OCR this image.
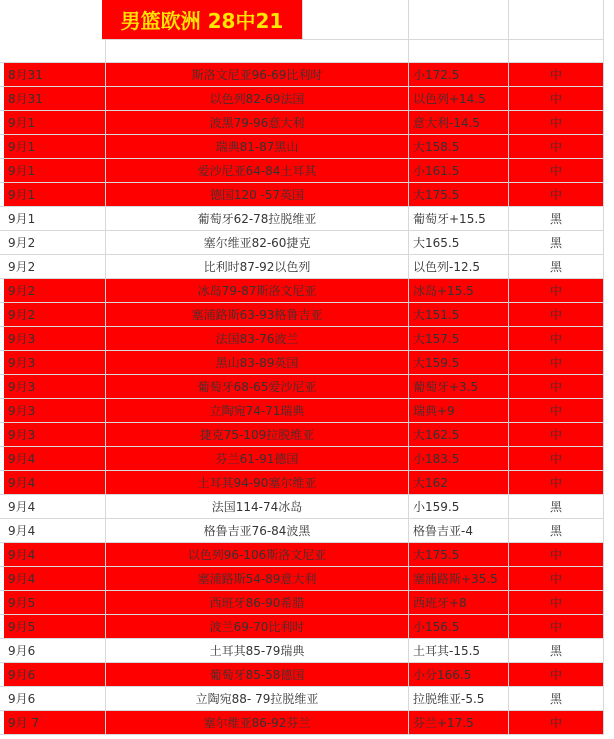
男篮欧洲 28中21
8月31	斯洛文尼亚96-69比利时	小172.5	中
8月31	以色列82-69法国	以色列+14.5	中
9月1	波黑79-96意大利	意大利-14.5	中
9月1	瑞典81-87黑山	大158.5	中
9月1	爱沙尼亚64-84土耳其	小161.5	中
9月1	德国120 -57英国	大175.5	中
9月1	葡萄牙62-78拉脱维亚	葡萄牙+15.5	黑
9月2	塞尔维亚82-60捷克	大165.5	黑
9月2	比利时87-92以色列	以色列-12.5	黑
9月2	冰岛79-87斯洛文尼亚	冰岛+15.5	中
9月2	塞浦路斯63-93格鲁吉亚	大151.5	中
9月3	法国83-76波兰	大157.5	中
9月3	黑山83-89英国	大159.5	中
9月3	葡萄牙68-65爱沙尼亚	葡萄牙+3.5	中
9月3	立陶宛74-71瑞典	瑞典+9	中
9月3	捷克75-109拉脱维亚	大162.5	中
9月4	芬兰61-91德国	小183.5	中
9月4	土耳其94-90塞尔维亚	大162	中
9月4	法国114-74冰岛	小159.5	黑
9月4	格鲁吉亚76-84波黑	格鲁吉亚-4	黑
9月4	以色列96-106斯洛文尼亚	大175.5	中
9月4	塞浦路斯54-89意大利	塞浦路斯+35.5	中
9月5	西班牙86-90希腊	西班牙+8	中
9月5	波兰69-70比利时	小156.5	中
9月6	土耳其85-79瑞典	土耳其-15.5	黑
9月6	葡萄牙85-58德国	小分166.5	中
9月6	立陶宛88- 79拉脱维亚	拉脱维亚-5.5	黑
9月 7	塞尔维亚86-92芬兰	芬兰+17.5	中
